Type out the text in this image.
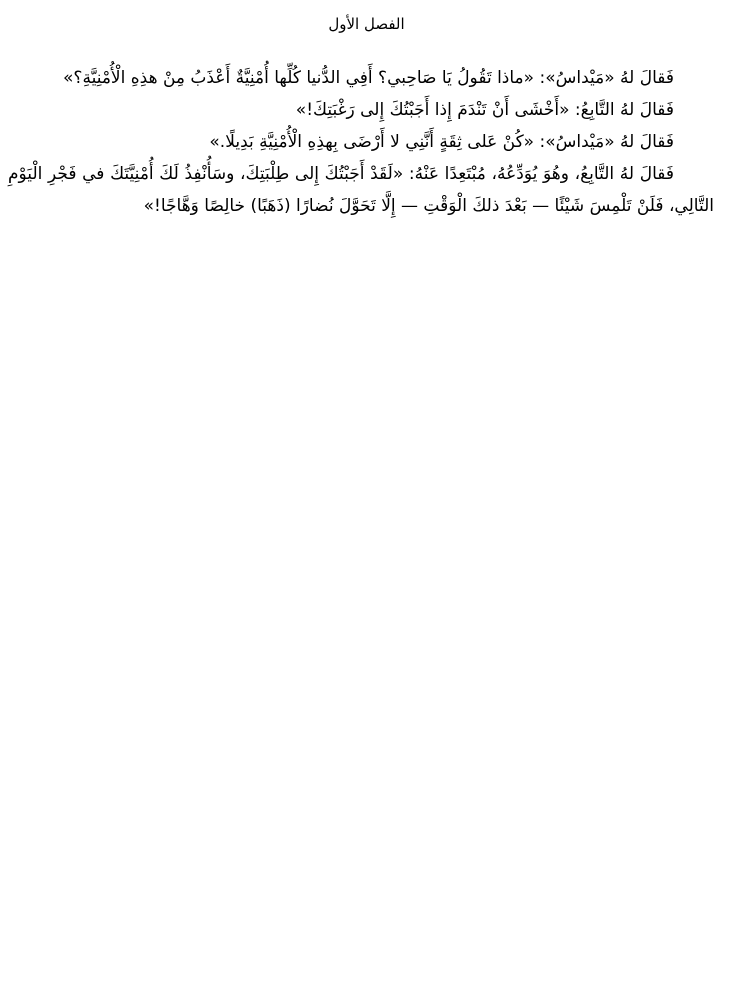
الفصل الأول

فَقالَ لهُ «مَيْداسُ»: «ماذا تَقُولُ يَا صَاحِبي؟ أَفِي الدُّنيا كُلِّها أُمْنِيَّةٌ أَعْذَبُ مِنْ هذِهِ الْأُمْنِيَّةِ؟»

فَقالَ لهُ التَّابِعُ: «أَخْشَى أَنْ تَنْدَمَ إِذا أَجَبْتُكَ إِلى رَغْبَتِكَ!»

فَقالَ لهُ «مَيْداسُ»: «كُنْ عَلى ثِقَةٍ أَنَّنِي لا أَرْضَى بِهذِهِ الْأُمْنِيَّةِ بَدِيلًا.»

فَقالَ لهُ التَّابِعُ، وهُوَ يُوَدِّعُهُ، مُبْتَعِدًا عَنْهُ: «لَقَدْ أَجَبْتُكَ إِلى طِلْبَتِكَ، وسَأُنْفِذُ لَكَ أُمْنِيَّتَكَ في فَجْرِ الْيَوْمِ التَّالِي، فَلَنْ تَلْمِسَ شَيْئًا — بَعْدَ ذلكَ الْوَقْتِ — إِلَّا تَحَوَّلَ نُضارًا (ذَهَبًا) خالِصًا وَهَّاجًا!»
